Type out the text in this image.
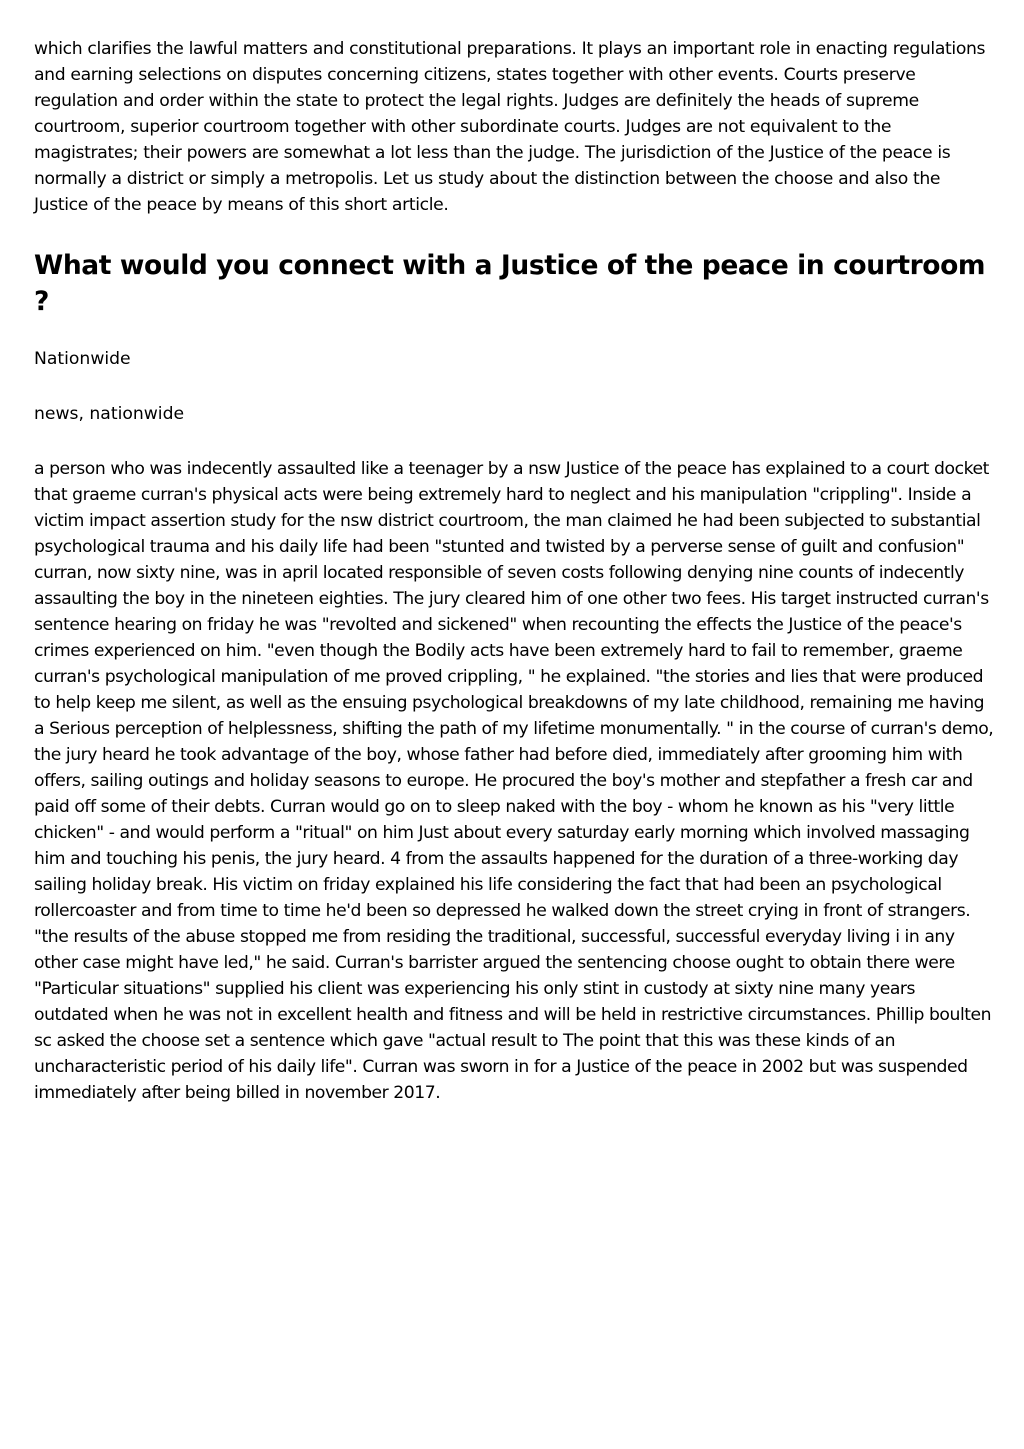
which clarifies the lawful matters and constitutional preparations. It plays an important role in enacting regulations and earning selections on disputes concerning citizens, states together with other events. Courts preserve regulation and order within the state to protect the legal rights. Judges are definitely the heads of supreme courtroom, superior courtroom together with other subordinate courts. Judges are not equivalent to the magistrates; their powers are somewhat a lot less than the judge. The jurisdiction of the Justice of the peace is normally a district or simply a metropolis. Let us study about the distinction between the choose and also the Justice of the peace by means of this short article.

What would you connect with a Justice of the peace in courtroom ?

Nationwide

news, nationwide

a person who was indecently assaulted like a teenager by a nsw Justice of the peace has explained to a court docket that graeme curran's physical acts were being extremely hard to neglect and his manipulation "crippling". Inside a victim impact assertion study for the nsw district courtroom, the man claimed he had been subjected to substantial psychological trauma and his daily life had been "stunted and twisted by a perverse sense of guilt and confusion" curran, now sixty nine, was in april located responsible of seven costs following denying nine counts of indecently assaulting the boy in the nineteen eighties. The jury cleared him of one other two fees. His target instructed curran's sentence hearing on friday he was "revolted and sickened" when recounting the effects the Justice of the peace's crimes experienced on him. "even though the Bodily acts have been extremely hard to fail to remember, graeme curran's psychological manipulation of me proved crippling, " he explained. "the stories and lies that were produced to help keep me silent, as well as the ensuing psychological breakdowns of my late childhood, remaining me having a Serious perception of helplessness, shifting the path of my lifetime monumentally. " in the course of curran's demo, the jury heard he took advantage of the boy, whose father had before died, immediately after grooming him with offers, sailing outings and holiday seasons to europe. He procured the boy's mother and stepfather a fresh car and paid off some of their debts. Curran would go on to sleep naked with the boy - whom he known as his "very little chicken" - and would perform a "ritual" on him Just about every saturday early morning which involved massaging him and touching his penis, the jury heard. 4 from the assaults happened for the duration of a three-working day sailing holiday break. His victim on friday explained his life considering the fact that had been an psychological rollercoaster and from time to time he'd been so depressed he walked down the street crying in front of strangers. "the results of the abuse stopped me from residing the traditional, successful, successful everyday living i in any other case might have led," he said. Curran's barrister argued the sentencing choose ought to obtain there were "Particular situations" supplied his client was experiencing his only stint in custody at sixty nine many years outdated when he was not in excellent health and fitness and will be held in restrictive circumstances. Phillip boulten sc asked the choose set a sentence which gave "actual result to The point that this was these kinds of an uncharacteristic period of his daily life". Curran was sworn in for a Justice of the peace in 2002 but was suspended immediately after being billed in november 2017.
